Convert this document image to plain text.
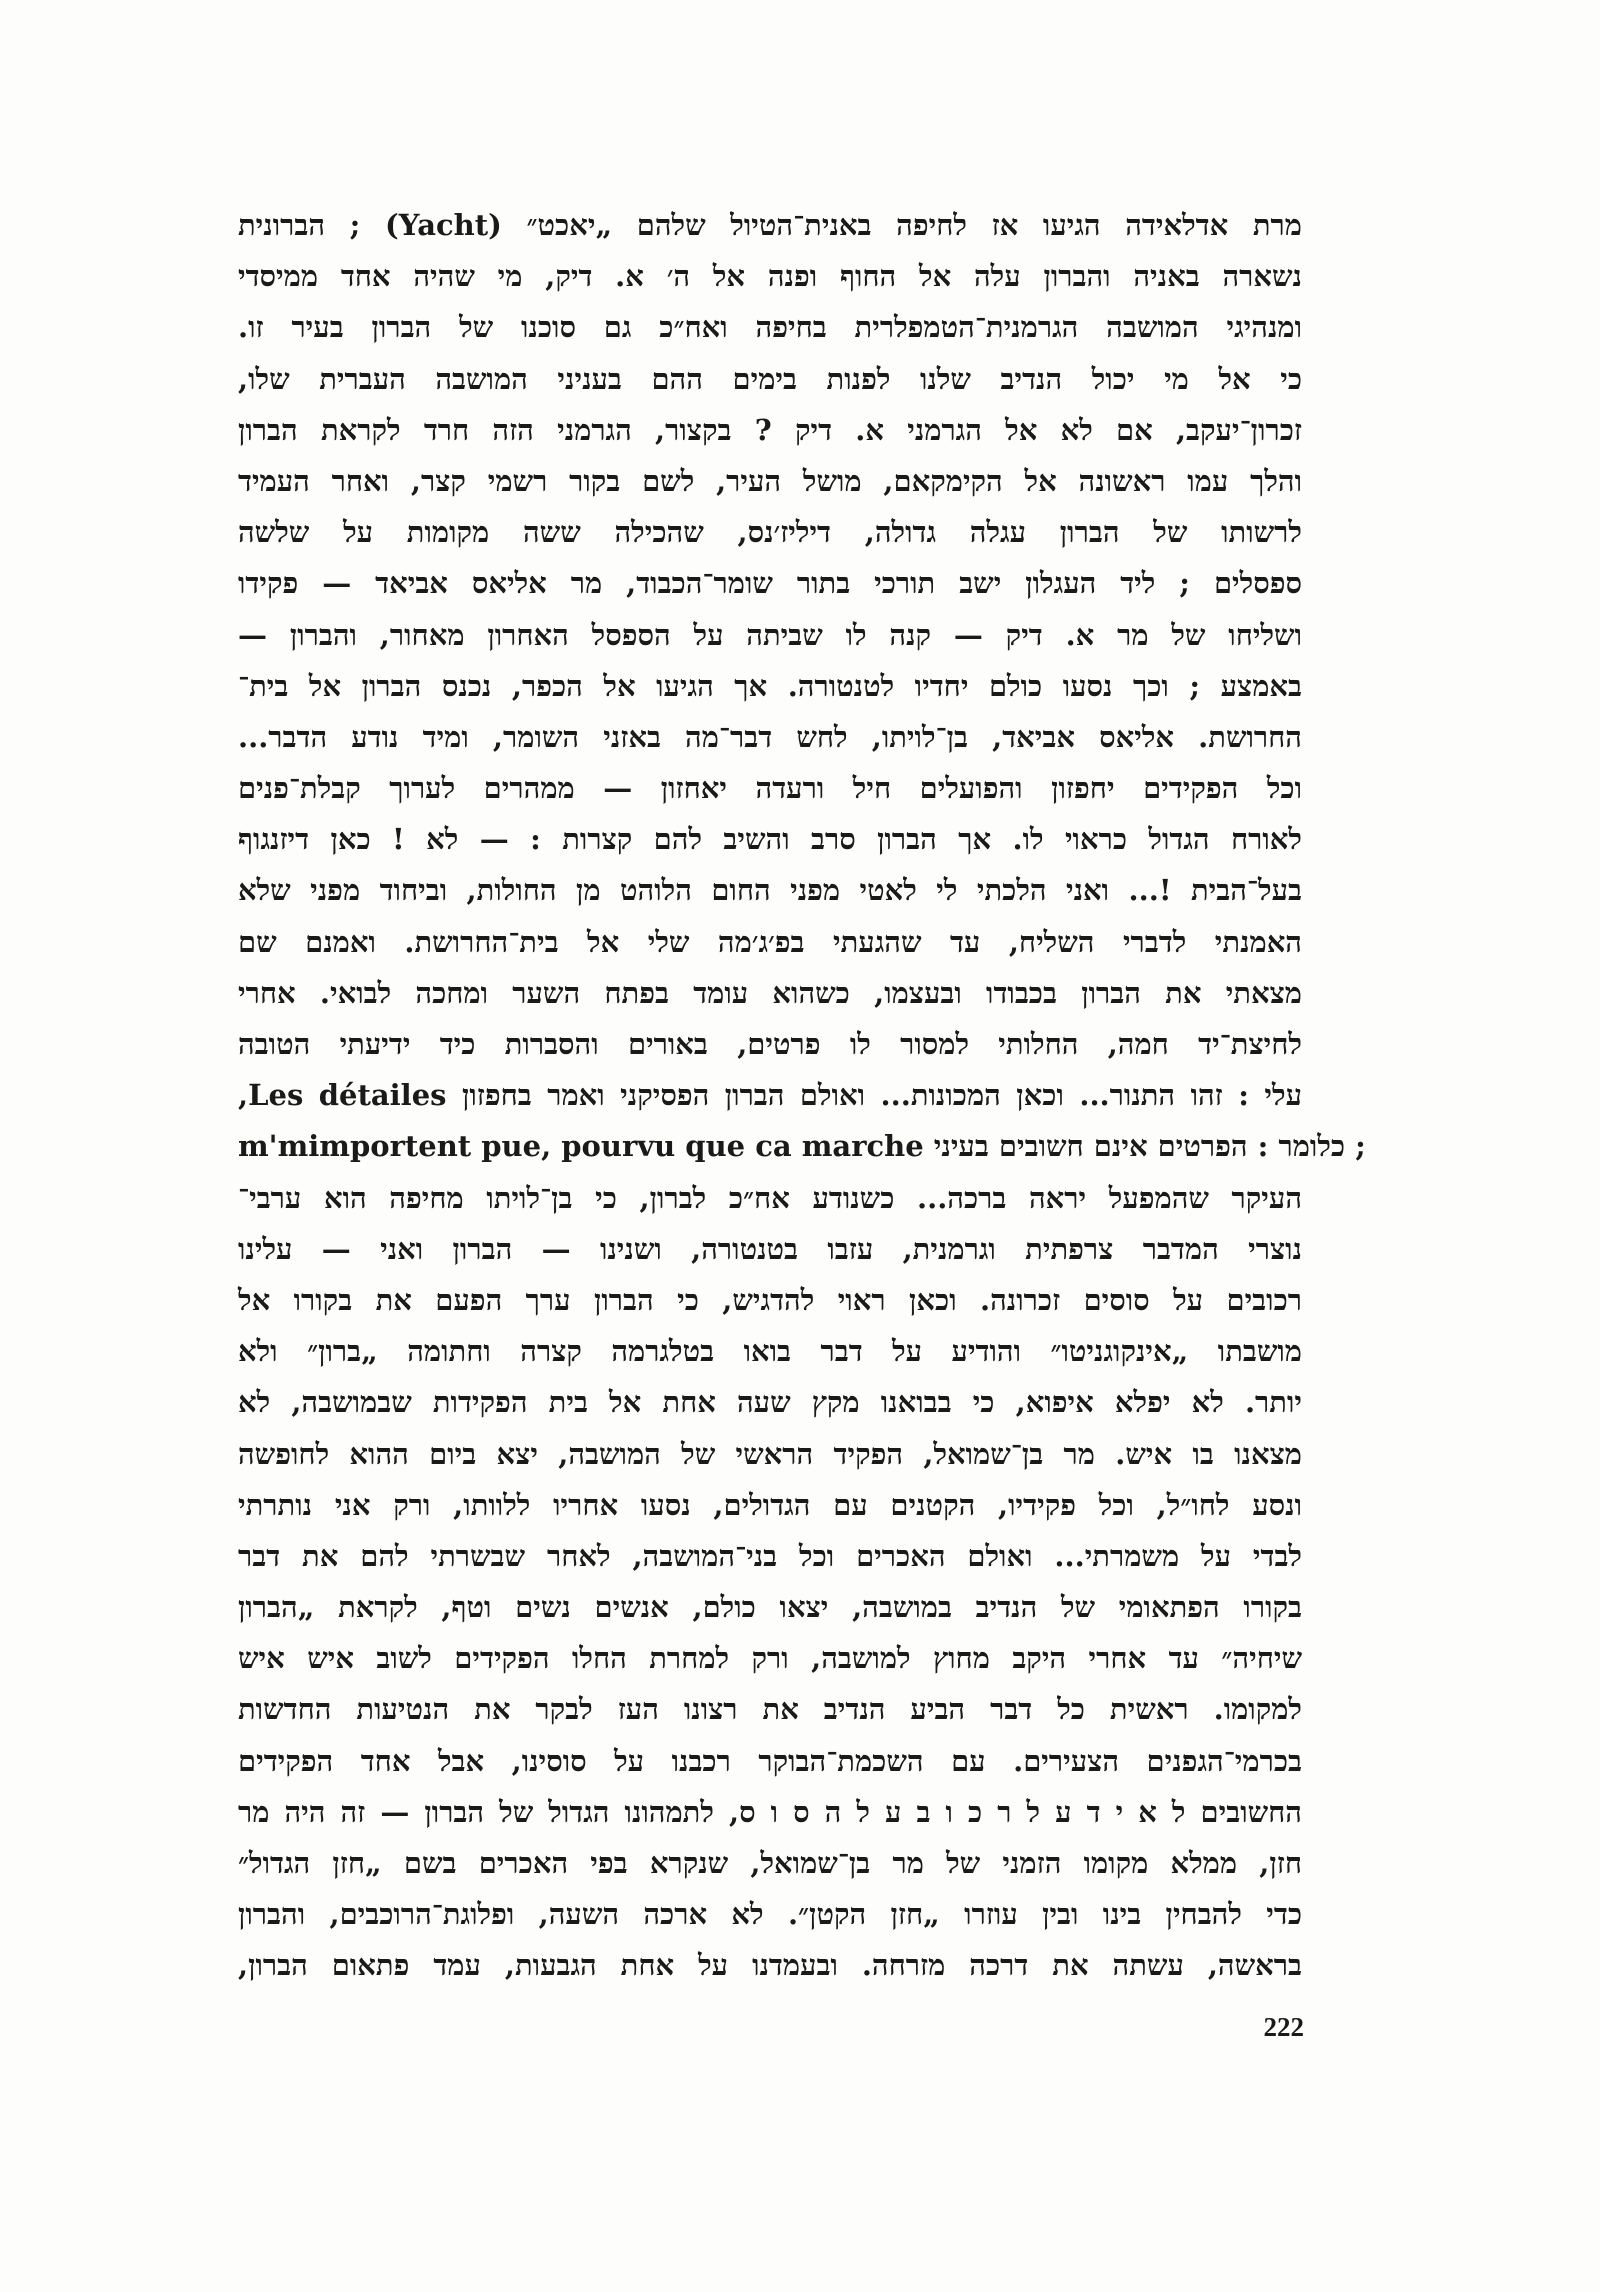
מרת אדלאידה הגיעו אז לחיפה באנית־הטיול שלהם „יאכט״ (Yacht) ; הברונית
נשארה באניה והברון עלה אל החוף ופנה אל ה׳ א. דיק, מי שהיה אחד ממיסדי
ומנהיגי המושבה הגרמנית־הטמפלרית בחיפה ואח״כ גם סוכנו של הברון בעיר זו.
כי אל מי יכול הנדיב שלנו לפנות בימים ההם בעניני המושבה העברית שלו,
זכרון־יעקב, אם לא אל הגרמני א. דיק ? בקצור, הגרמני הזה חרד לקראת הברון
והלך עמו ראשונה אל הקימקאם, מושל העיר, לשם בקור רשמי קצר, ואחר העמיד
לרשותו של הברון עגלה גדולה, דיליז׳נס, שהכילה ששה מקומות על שלשה
ספסלים ; ליד העגלון ישב תורכי בתור שומר־הכבוד, מר אליאס אביאד — פקידו
ושליחו של מר א. דיק — קנה לו שביתה על הספסל האחרון מאחור, והברון —
באמצע ; וכך נסעו כולם יחדיו לטנטורה. אך הגיעו אל הכפר, נכנס הברון אל בית־
החרושת. אליאס אביאד, בן־לויתו, לחש דבר־מה באזני השומר, ומיד נודע הדבר...
וכל הפקידים יחפזון והפועלים חיל ורעדה יאחזון — ממהרים לערוך קבלת־פנים
לאורח הגדול כראוי לו. אך הברון סרב והשיב להם קצרות : — לא ! כאן דיזנגוף
בעל־הבית !... ואני הלכתי לי לאטי מפני החום הלוהט מן החולות, וביחוד מפני שלא
האמנתי לדברי השליח, עד שהגעתי בפ׳ג׳מה שלי אל בית־החרושת. ואמנם שם
מצאתי את הברון בכבודו ובעצמו, כשהוא עומד בפתח השער ומחכה לבואי. אחרי
לחיצת־יד חמה, החלותי למסור לו פרטים, באורים והסברות כיד ידיעתי הטובה
עלי : זהו התנור... וכאן המכונות... ואולם הברון הפסיקני ואמר בחפזון Les détailes,
m'mimportent pue, pourvu que ca marche כלומר : הפרטים אינם חשובים בעיני ;
העיקר שהמפעל יראה ברכה... כשנודע אח״כ לברון, כי בן־לויתו מחיפה הוא ערבי־
נוצרי המדבר צרפתית וגרמנית, עזבו בטנטורה, ושנינו — הברון ואני — עלינו
רכובים על סוסים זכרונה. וכאן ראוי להדגיש, כי הברון ערך הפעם את בקורו אל
מושבתו „אינקוגניטו״ והודיע על דבר בואו בטלגרמה קצרה וחתומה „ברון״ ולא
יותר. לא יפלא איפוא, כי בבואנו מקץ שעה אחת אל בית הפקידות שבמושבה, לא
מצאנו בו איש. מר בן־שמואל, הפקיד הראשי של המושבה, יצא ביום ההוא לחופשה
ונסע לחו״ל, וכל פקידיו, הקטנים עם הגדולים, נסעו אחריו ללוותו, ורק אני נותרתי
לבדי על משמרתי... ואולם האכרים וכל בני־המושבה, לאחר שבשרתי להם את דבר
בקורו הפתאומי של הנדיב במושבה, יצאו כולם, אנשים נשים וטף, לקראת „הברון
שיחיה״ עד אחרי היקב מחוץ למושבה, ורק למחרת החלו הפקידים לשוב איש איש
למקומו. ראשית כל דבר הביע הנדיב את רצונו העז לבקר את הנטיעות החדשות
בכרמי־הגפנים הצעירים. עם השכמת־הבוקר רכבנו על סוסינו, אבל אחד הפקידים
החשובים ל א י ד ע ל ר כ ו ב ע ל ה ס ו ס, לתמהונו הגדול של הברון — זה היה מר
חזן, ממלא מקומו הזמני של מר בן־שמואל, שנקרא בפי האכרים בשם „חזן הגדול״
כדי להבחין בינו ובין עוזרו „חזן הקטן״. לא ארכה השעה, ופלוגת־הרוכבים, והברון
בראשה, עשתה את דרכה מזרחה. ובעמדנו על אחת הגבעות, עמד פתאום הברון,
222
